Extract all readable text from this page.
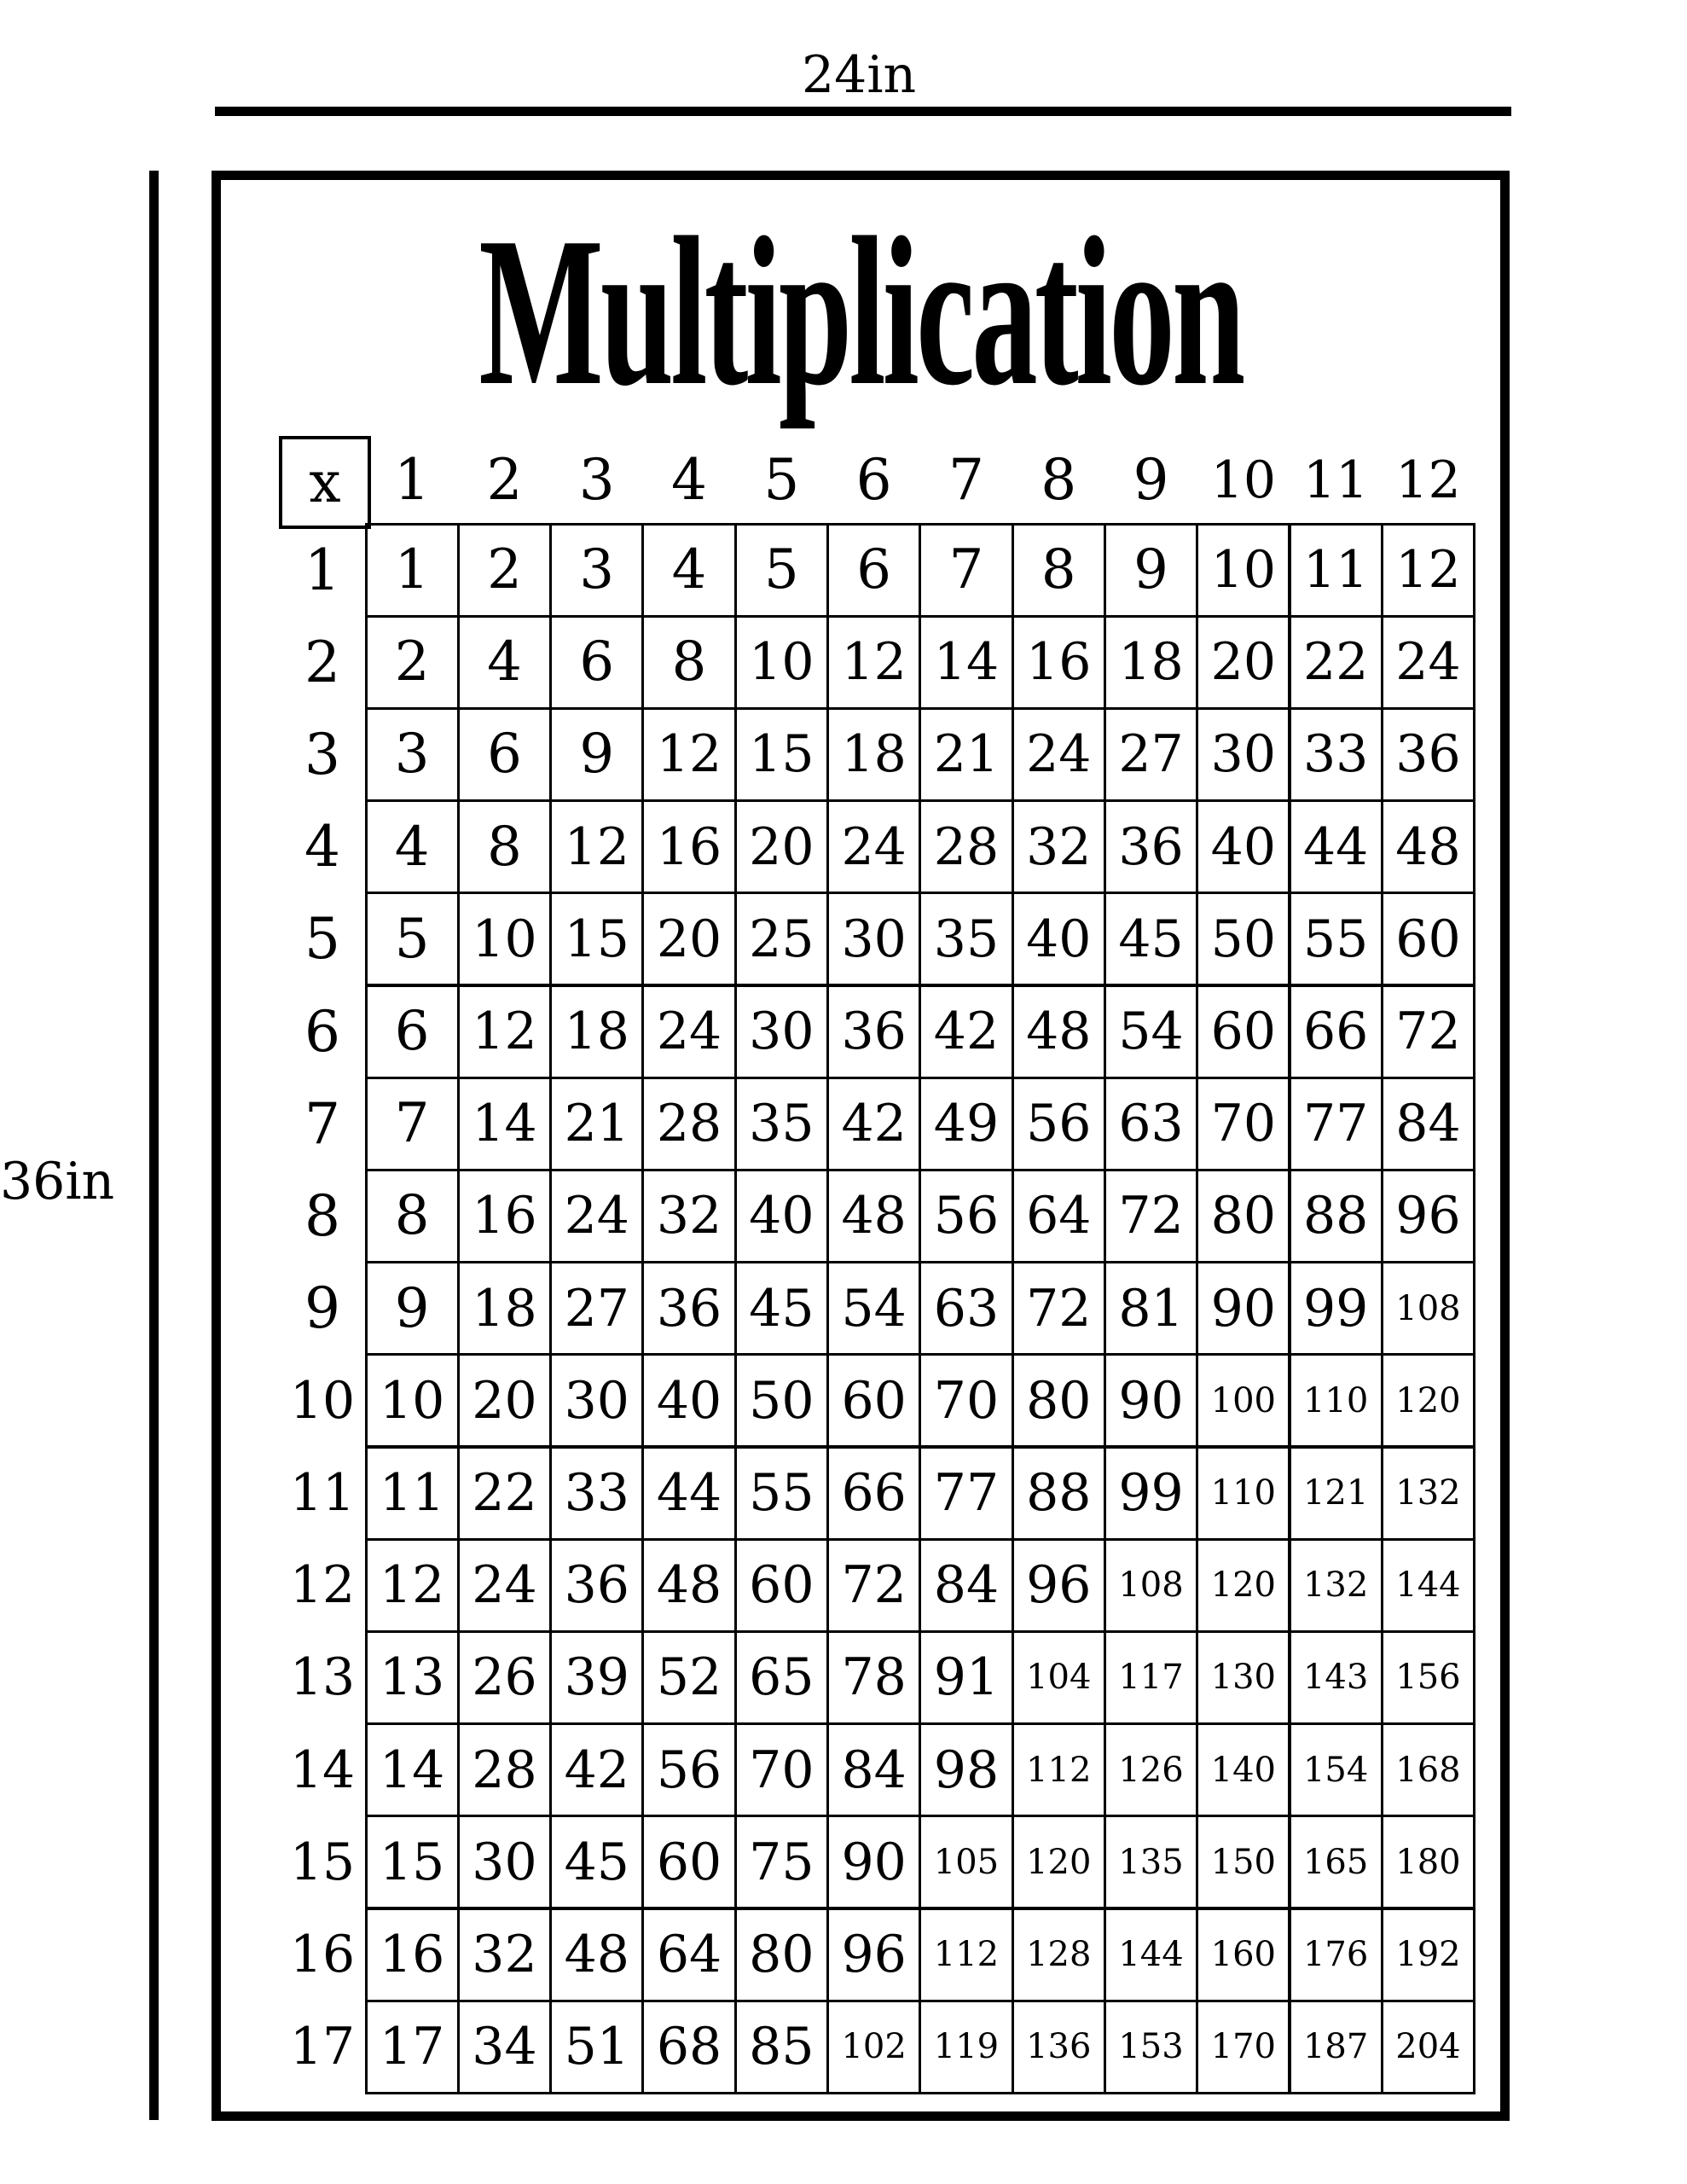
24in
36in
Multiplication
x 1	2	3	4	5	6	7	8	9 10 11 12
1 1	2	3	4	5	6	7	8	9 10 11 12
2 2	4	6	8 10 12 14 16 18 20 22 24
3 3	6	9 12 15 18 21 24 27 30 33 36
4 4	8 12 16 20 24 28 32 36 40 44 48
5 5 10 15 20 25 30 35 40 45 50 55 60
6 6 12 18 24 30 36 42 48 54 60 66 72
7 7 14 21 28 35 42 49 56 63 70 77 84
8 8 16 24 32 40 48 56 64 72 80 88 96
9 9 18 27 36 45 54 63 72 81 90 99 108
10 10 20 30 40 50 60 70 80 90 100 110 120
11 11 22 33 44 55 66 77 88 99 110 121 132
12 12 24 36 48 60 72 84 96 108 120 132 144
13 13 26 39 52 65 78 91 104 117 130 143 156
14 14 28 42 56 70 84 98 112 126 140 154 168
15 15 30 45 60 75 90 105 120 135 150 165 180
16 16 32 48 64 80 96 112 128 144 160 176 192
17 17 34 51 68 85 102 119 136 153 170 187 204
